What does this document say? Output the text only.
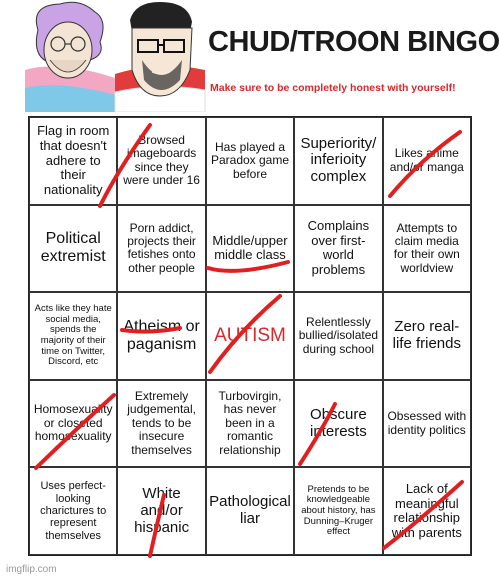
CHUD/TROON BINGO
Make sure to be completely honest with yourself!
Flag in room that doesn't adhere to their nationality
Browsed imageboards since they were under 16
Has played a Paradox game before
Superiority/ inferioity complex
Likes anime and/or manga
Political extremist
Porn addict, projects their fetishes onto other people
Middle/upper middle class
Complains over first-world problems
Attempts to claim media for their own worldview
Acts like they hate social media, spends the majority of their time on Twitter, Discord, etc
Atheism or paganism AUTISM
Relentlessly bullied/isolated during school
Zero real-life friends
Homosexuality or closeted homosexuality
Extremely judgemental, tends to be insecure themselves
Turbovirgin, has never been in a romantic relationship
Obscure interests
Obsessed with identity politics
Uses perfect-looking charictures to represent themselves
White and/or hispanic
Pathological liar
Pretends to be knowledgeable about history, has Dunning–Kruger effect
Lack of meaningful relationship with parents
imgflip.com
